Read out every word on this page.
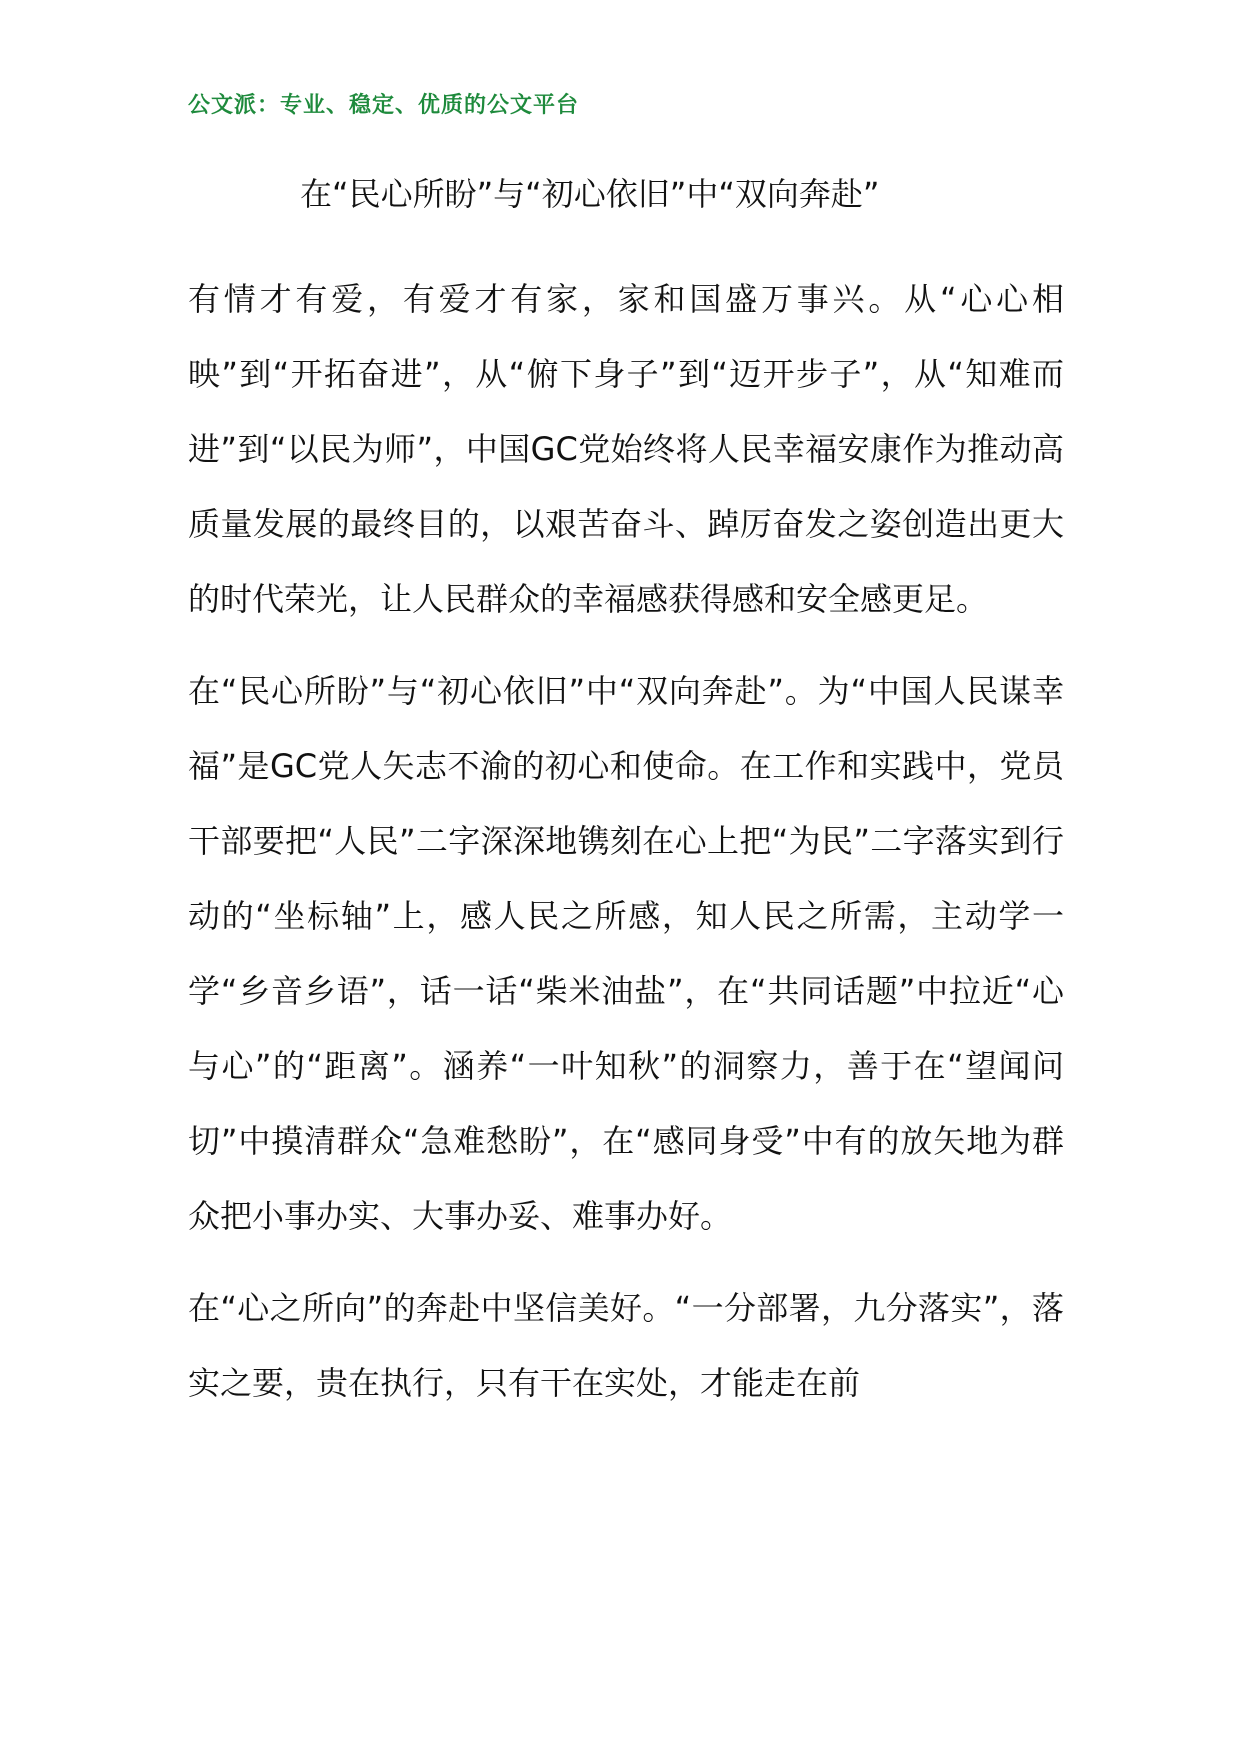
公文派：专业、稳定、优质的公文平台
在“民心所盼”与“初心依旧”中“双向奔赴”

有情才有爱，有爱才有家，家和国盛万事兴。从“心心相映”到“开拓奋进”，从“俯下身子”到“迈开步子”，从“知难而进”到“以民为师”，中国GC党始终将人民幸福安康作为推动高质量发展的最终目的，以艰苦奋斗、踔厉奋发之姿创造出更大的时代荣光，让人民群众的幸福感获得感和安全感更足。

在“民心所盼”与“初心依旧”中“双向奔赴”。为“中国人民谋幸福”是GC党人矢志不渝的初心和使命。在工作和实践中，党员干部要把“人民”二字深深地镌刻在心上把“为民”二字落实到行动的“坐标轴”上，感人民之所感，知人民之所需，主动学一学“乡音乡语”，话一话“柴米油盐”，在“共同话题”中拉近“心与心”的“距离”。涵养“一叶知秋”的洞察力，善于在“望闻问切”中摸清群众“急难愁盼”，在“感同身受”中有的放矢地为群众把小事办实、大事办妥、难事办好。

在“心之所向”的奔赴中坚信美好。“一分部署，九分落实”，落实之要，贵在执行，只有干在实处，才能走在前
